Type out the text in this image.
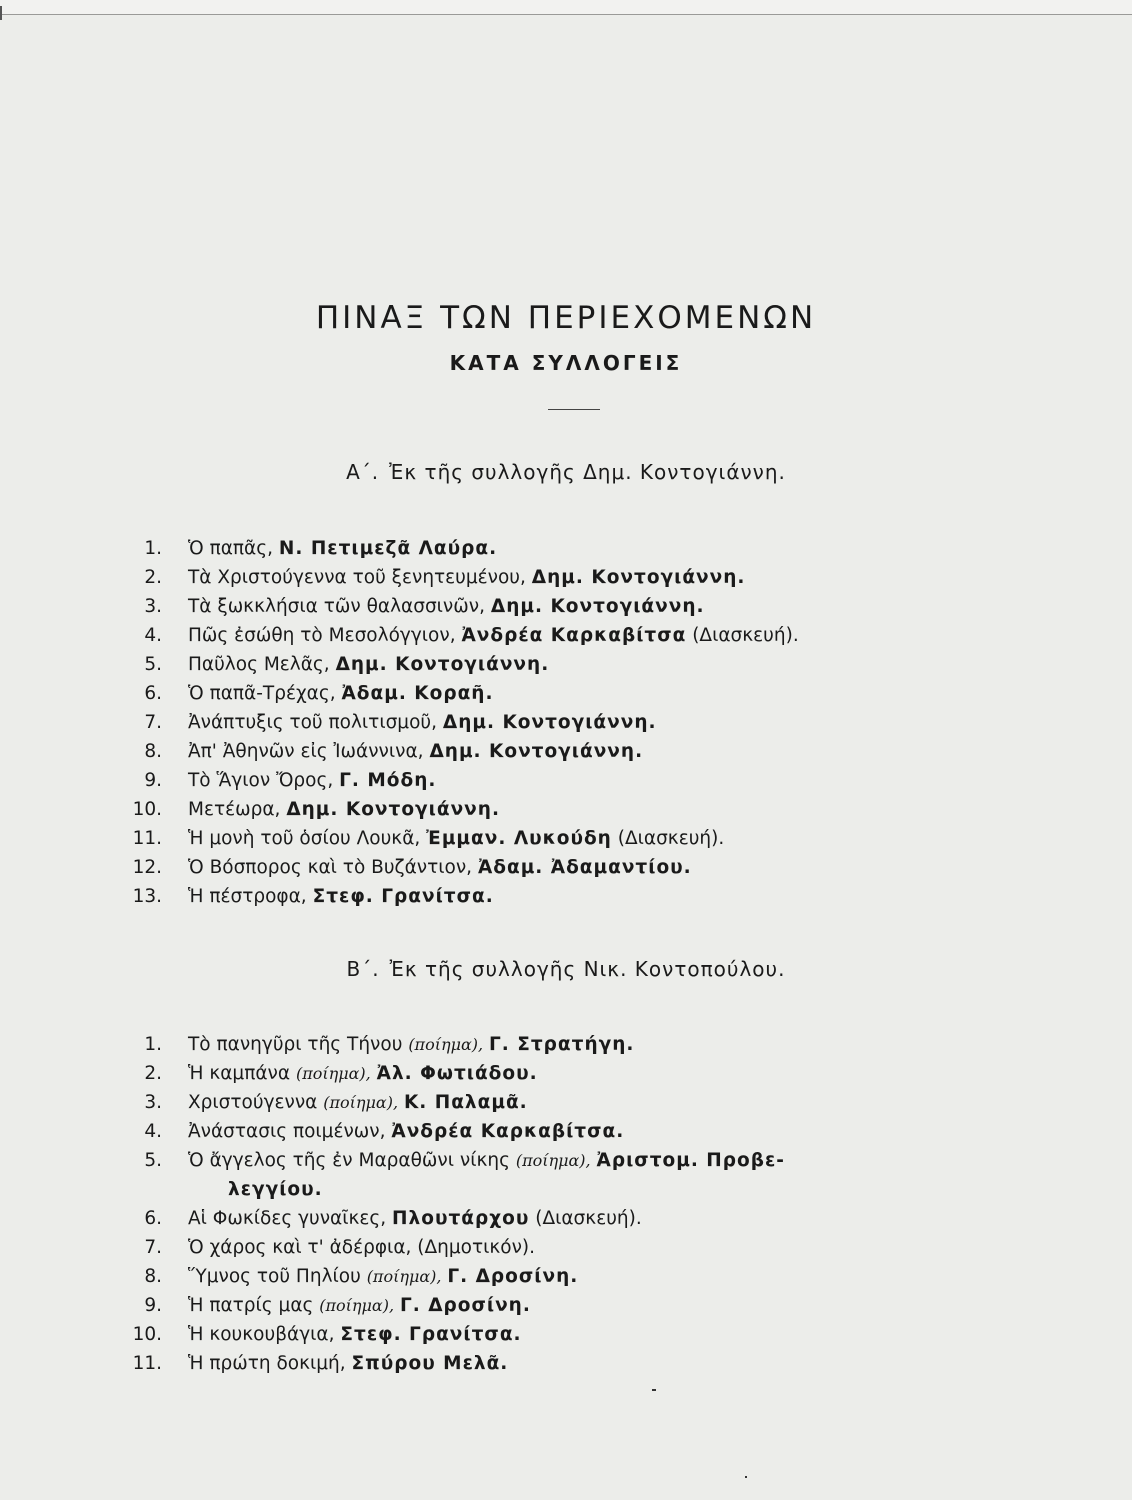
ΠΙΝΑΞ ΤΩΝ ΠΕΡΙΕΧΟΜΕΝΩΝ
ΚΑΤΑ ΣΥΛΛΟΓΕΙΣ
Α΄. Ἐκ τῆς συλλογῆς Δημ. Κοντογιάννη.
1. Ὁ παπᾶς, Ν. Πετιμεζᾶ Λαύρα.
2. Τὰ Χριστούγεννα τοῦ ξενητευμένου, Δημ. Κοντογιάννη.
3. Τὰ ξωκκλήσια τῶν θαλασσινῶν, Δημ. Κοντογιάννη.
4. Πῶς ἐσώθη τὸ Μεσολόγγιον, Ἀνδρέα Καρκαβίτσα (Διασκευή).
5. Παῦλος Μελᾶς, Δημ. Κοντογιάννη.
6. Ὁ παπᾶ-Τρέχας, Ἀδαμ. Κοραῆ.
7. Ἀνάπτυξις τοῦ πολιτισμοῦ, Δημ. Κοντογιάννη.
8. Ἀπ' Ἀθηνῶν εἰς Ἰωάννινα, Δημ. Κοντογιάννη.
9. Τὸ Ἅγιον Ὄρος, Γ. Μόδη.
10. Μετέωρα, Δημ. Κοντογιάννη.
11. Ἡ μονὴ τοῦ ὁσίου Λουκᾶ, Ἐμμαν. Λυκούδη (Διασκευή).
12. Ὁ Βόσπορος καὶ τὸ Βυζάντιον, Ἀδαμ. Ἀδαμαντίου.
13. Ἡ πέστροφα, Στεφ. Γρανίτσα.
Β΄. Ἐκ τῆς συλλογῆς Νικ. Κοντοπούλου.
1. Τὸ πανηγῦρι τῆς Τήνου (ποίημα), Γ. Στρατήγη.
2. Ἡ καμπάνα (ποίημα), Ἀλ. Φωτιάδου.
3. Χριστούγεννα (ποίημα), Κ. Παλαμᾶ.
4. Ἀνάστασις ποιμένων, Ἀνδρέα Καρκαβίτσα.
5. Ὁ ἄγγελος τῆς ἐν Μαραθῶνι νίκης (ποίημα), Ἀριστομ. Προβε-
λεγγίου.
6. Αἱ Φωκίδες γυναῖκες, Πλουτάρχου (Διασκευή).
7. Ὁ χάρος καὶ τ' ἀδέρφια, (Δημοτικόν).
8. Ὕμνος τοῦ Πηλίου (ποίημα), Γ. Δροσίνη.
9. Ἡ πατρίς μας (ποίημα), Γ. Δροσίνη.
10. Ἡ κουκουβάγια, Στεφ. Γρανίτσα.
11. Ἡ πρώτη δοκιμή, Σπύρου Μελᾶ.
